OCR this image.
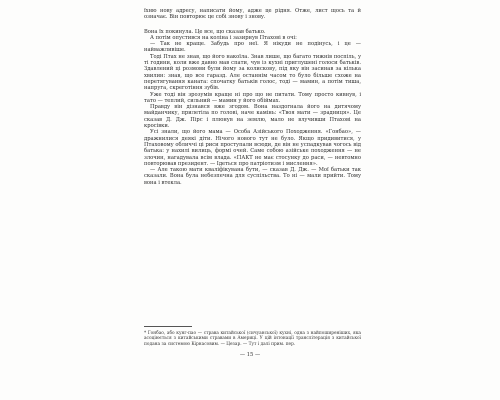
їхню нову адресу, написати йому, адже це рідня. Отже, лист щось та й означає. Він повторює це собі знову і знову.

Вона їх покинула. Це все, що сказав батько.

А потім опустився на коліна і зазирнув Птахові в очі:

— Так не краще. Забудь про неї. Я нікуди не подінусь, і це — найважливіше.

Тоді Птах не знав, що його накоїла. Знав лише, що багато тижнів поспіль, у ті години, коли вже давно мав спати, чув із кухні приглушені голоси батьків. Здавлений ці розмови були йому за колискову, під яку він засинав за кілька хвилин: знав, що все гаразд. Але останнім часом то було більше схоже на перетягування каната: спочатку батьків голос, тоді — мамин, а потім тиша, напруга, скреготіння зубів.

Уже тоді він зрозумів краще ні про що не питати. Тому просто кивнув, і тато — теплий, сильний — мамин у його обіймах.

Правду він дізнався вже згодом. Вона наздогнала його на дитячому майданчику, прилетіла по голові, наче камінь: «Твоя мати — зрадниця». Це сказав Д. Дж. Пірс і плюнув на землю, мало не влучивши Птахові на кросівки.

Усі знали, що його мама — Особа Азійського Походження. «Гонбао», — дражнилися деякі діти. Нічого нового тут не було. Якщо придивитися, у Птаховому обличчі ці риси проступали всюди, де він не успадкував чогось від батька: у нахилі вилиць, формі очей. Саме собою азійське походження — не злочин, нагадувала всім влада. «ПАКТ не має стосунку до раси, — невтомно повторював президент. — Ідеться про патріотизм і мислення».

— Але такою мати кваліфікувана бути, — сказав Д. Дж. — Мої батьки так сказали. Вона була небезпечна для суспільства. То ні — мали прийти. Тому вона і втекла.

* Гонбао, або кунг-пао — страва китайської (сичуанської) кухні, одна з найпоширеніших, яка асоціюється з китайськими стравами в Америці. У цій інтонації транслітерація з китайської подана за системою Кірнасовим. — Цезар. — Тут і далі прим. пер.

— 15 —
